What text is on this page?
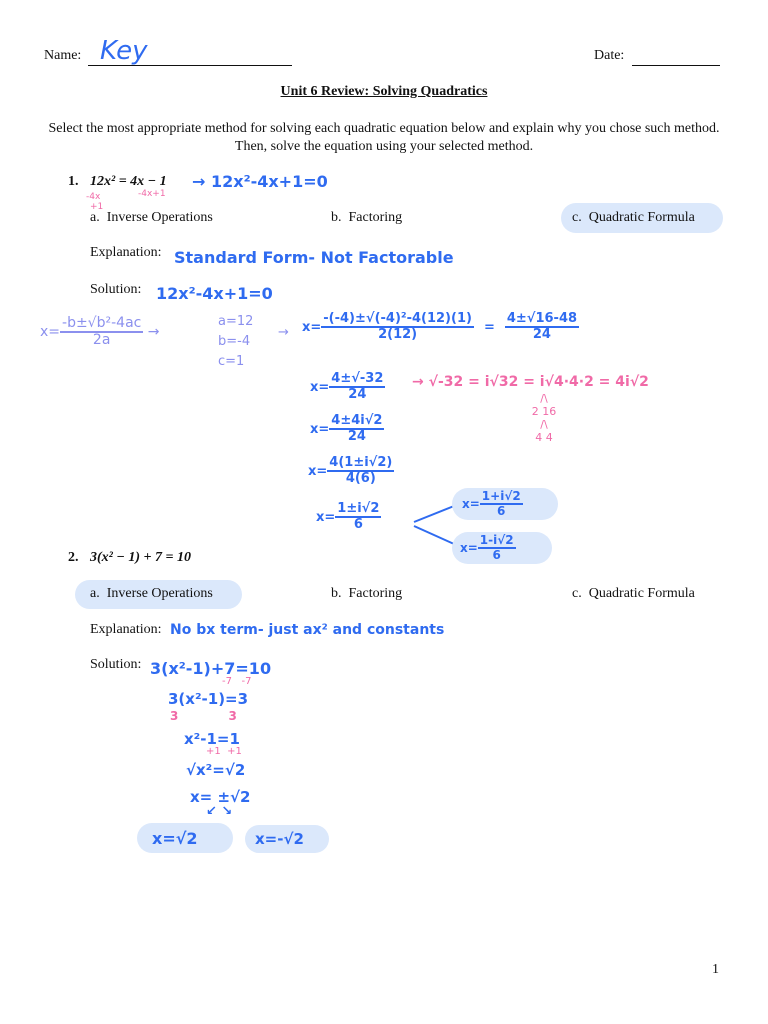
Name: Key	Date:
Unit 6 Review: Solving Quadratics
Select the most appropriate method for solving each quadratic equation below and explain why you chose such method. Then, solve the equation using your selected method.
1. 12x² = 4x − 1 → 12x²-4x+1=0
-4x	-4x+1
+1
a. Inverse Operations	b. Factoring	c. Quadratic Formula
Explanation: Standard Form- Not Factorable
Solution: 12x²-4x+1=0
$x= \frac{\text{-b±√b²-4ac}}{2a}$ →
a=12
b=-4
c=1
→ $x= \frac{\text{-(-4)±√(-4)²-4(12)(1)}}{2(12)} = \frac{4\pm√16-48}{24}$
$x= \frac{4\pm√-32}{24} \to √-32 = i√32 = i√4\cdot 4\cdot 2 = 4i√2$
/\
2 16
/\
4 4
$x= \frac{4\pm 4i√2}{24}$
$x= \frac{4(1\pm i√2)}{4(6)}$
$x= \frac{1\pm i√2}{6}$	$x= \frac{1+i√2}{6}$
$x= \frac{1-i√2}{6}$
2. 3(x² − 1) + 7 = 10
a. Inverse Operations	b. Factoring	c. Quadratic Formula
Explanation: No bx term- just ax² and constants
Solution: 3(x²-1)+7=10
-7   -7
3(x²-1)=3
3            3
x²-1=1
+1  +1
√x²=√2
x= ±√2
↙ ↘
x=√2	x=-√2
1
